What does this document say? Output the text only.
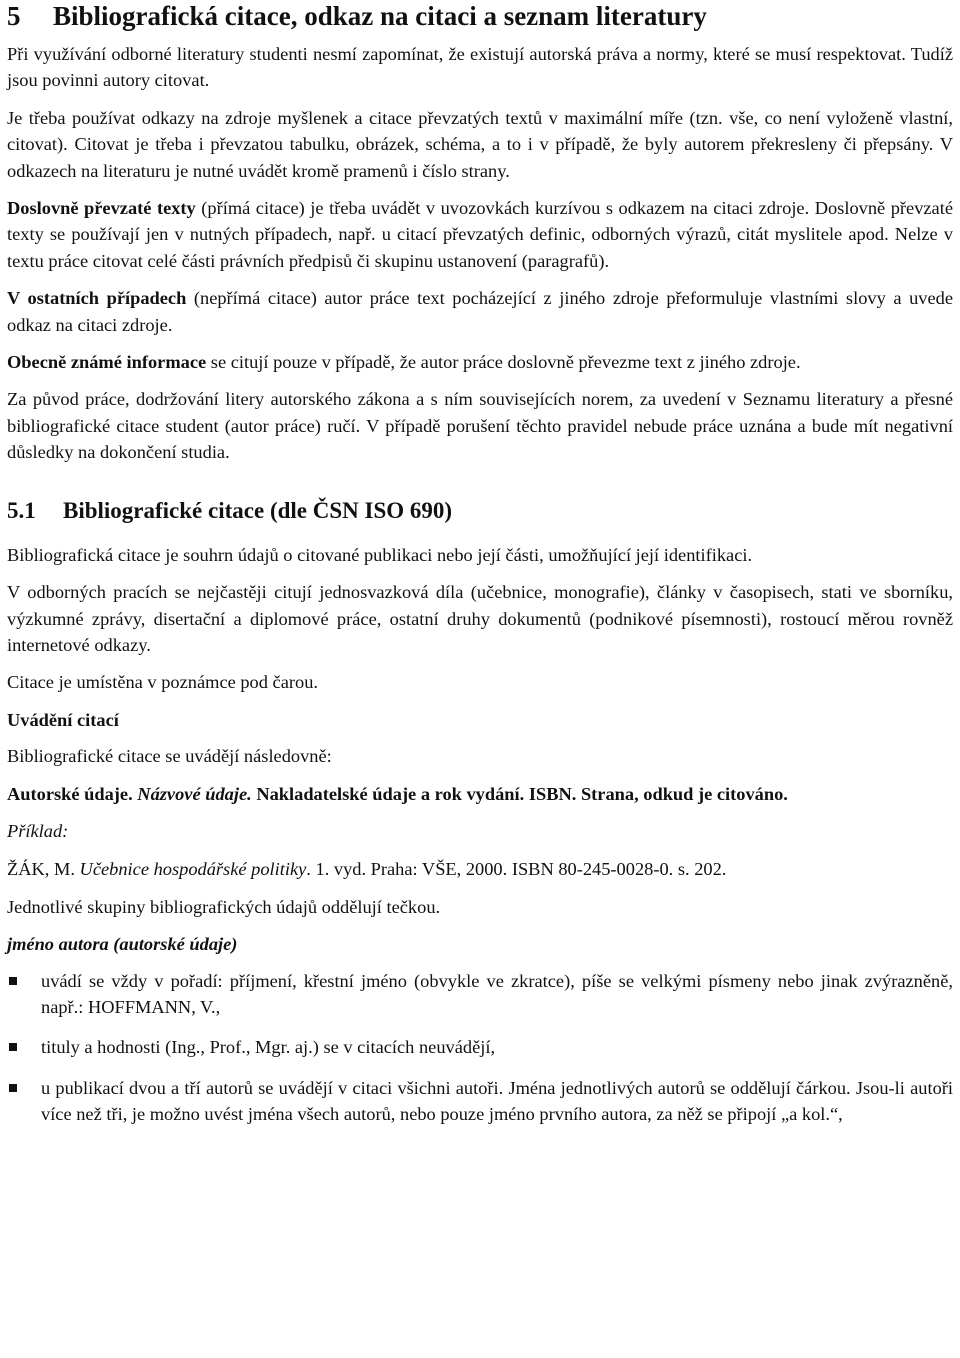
5 Bibliografická citace, odkaz na citaci a seznam literatury

Při využívání odborné literatury studenti nesmí zapomínat, že existují autorská práva a normy, které se musí respektovat. Tudíž jsou povinni autory citovat.

Je třeba používat odkazy na zdroje myšlenek a citace převzatých textů v maximální míře (tzn. vše, co není vyloženě vlastní, citovat). Citovat je třeba i převzatou tabulku, obrázek, schéma, a to i v případě, že byly autorem překresleny či přepsány. V odkazech na literaturu je nutné uvádět kromě pramenů i číslo strany.

Doslovně převzaté texty (přímá citace) je třeba uvádět v uvozovkách kurzívou s odkazem na citaci zdroje. Doslovně převzaté texty se používají jen v nutných případech, např. u citací převzatých definic, odborných výrazů, citát myslitele apod. Nelze v textu práce citovat celé části právních předpisů či skupinu ustanovení (paragrafů).

V ostatních případech (nepřímá citace) autor práce text pocházející z jiného zdroje přeformuluje vlastními slovy a uvede odkaz na citaci zdroje.

Obecně známé informace se citují pouze v případě, že autor práce doslovně převezme text z jiného zdroje.

Za původ práce, dodržování litery autorského zákona a s ním souvisejících norem, za uvedení v Seznamu literatury a přesné bibliografické citace student (autor práce) ručí. V případě porušení těchto pravidel nebude práce uznána a bude mít negativní důsledky na dokončení studia.

5.1 Bibliografické citace (dle ČSN ISO 690)

Bibliografická citace je souhrn údajů o citované publikaci nebo její části, umožňující její identifikaci.

V odborných pracích se nejčastěji citují jednosvazková díla (učebnice, monografie), články v časopisech, stati ve sborníku, výzkumné zprávy, disertační a diplomové práce, ostatní druhy dokumentů (podnikové písemnosti), rostoucí měrou rovněž internetové odkazy.

Citace je umístěna v poznámce pod čarou.

Uvádění citací

Bibliografické citace se uvádějí následovně:

Autorské údaje. Názvové údaje. Nakladatelské údaje a rok vydání. ISBN. Strana, odkud je citováno.

Příklad:

ŽÁK, M. Učebnice hospodářské politiky. 1. vyd. Praha: VŠE, 2000. ISBN 80-245-0028-0. s. 202.

Jednotlivé skupiny bibliografických údajů oddělují tečkou.

jméno autora (autorské údaje)

uvádí se vždy v pořadí: příjmení, křestní jméno (obvykle ve zkratce), píše se velkými písmeny nebo jinak zvýrazněně, např.: HOFFMANN, V.,
tituly a hodnosti (Ing., Prof., Mgr. aj.) se v citacích neuvádějí,
u publikací dvou a tří autorů se uvádějí v citaci všichni autoři. Jména jednotlivých autorů se oddělují čárkou. Jsou-li autoři více než tři, je možno uvést jména všech autorů, nebo pouze jméno prvního autora, za něž se připojí „a kol.“,
